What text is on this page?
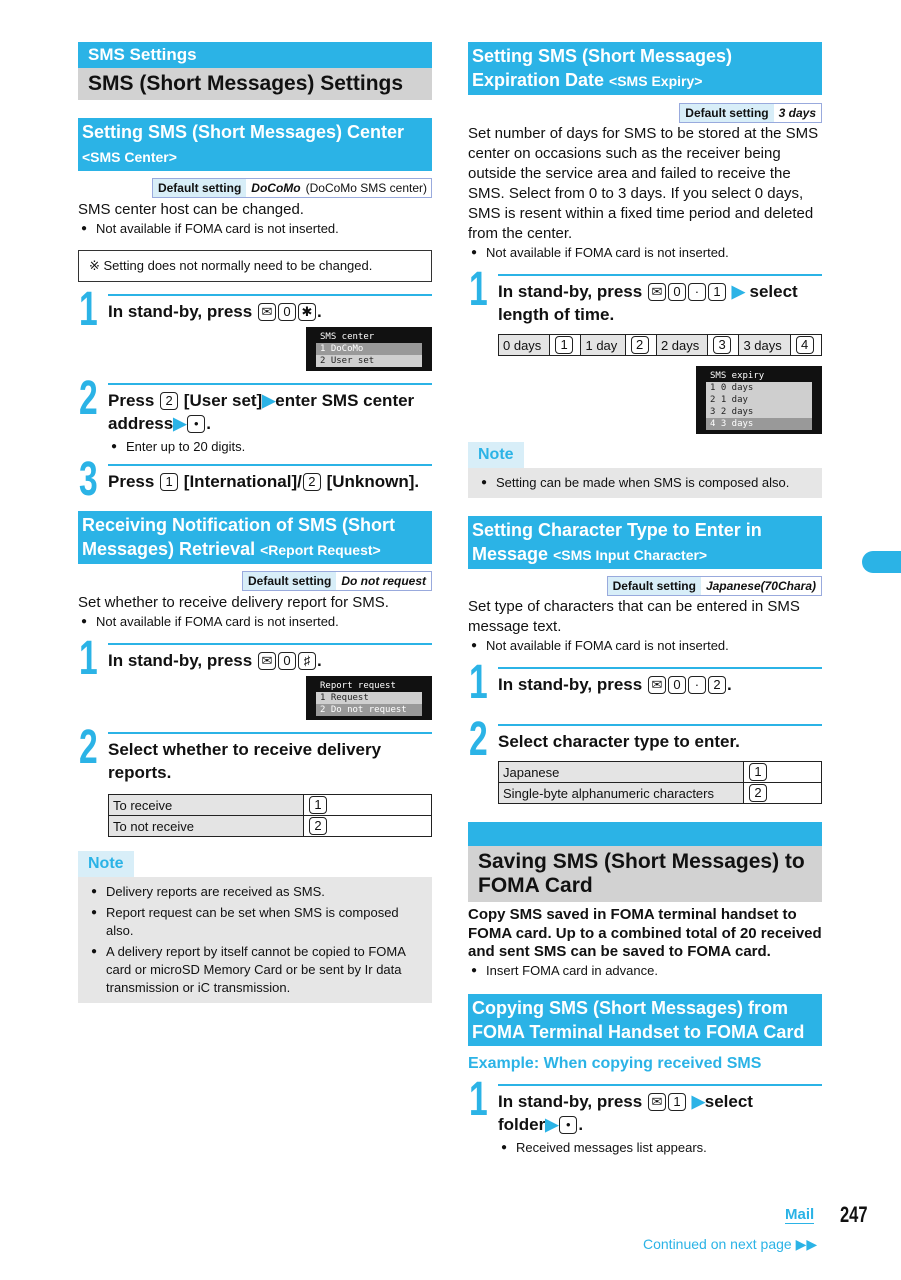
SMS Settings
SMS (Short Messages) Settings
Setting SMS (Short Messages) Center
<SMS Center>
Default setting DoCoMo (DoCoMo SMS center)
SMS center host can be changed.
● Not available if FOMA card is not inserted.
※ Setting does not normally need to be changed.
1 In stand-by, press ✉ 0 ✱ .
SMS center
1 DoCoMo
2 User set
2 Press 2 [User set]▶enter SMS center address▶ • .
● Enter up to 20 digits.
3 Press 1 [International]/ 2 [Unknown].
Receiving Notification of SMS (Short Messages) Retrieval <Report Request>
Default setting Do not request
Set whether to receive delivery report for SMS.
● Not available if FOMA card is not inserted.
1 In stand-by, press ✉ 0 ♯ .
Report request
1 Request
2 Do not request
2 Select whether to receive delivery reports.
To receive	1
To not receive	2
Note
● Delivery reports are received as SMS.
● Report request can be set when SMS is composed also.
● A delivery report by itself cannot be copied to FOMA card or microSD Memory Card or be sent by Ir data transmission or iC transmission.
Setting SMS (Short Messages) Expiration Date <SMS Expiry>
Default setting 3 days
Set number of days for SMS to be stored at the SMS center on occasions such as the receiver being outside the service area and failed to receive the SMS. Select from 0 to 3 days. If you select 0 days, SMS is resent within a fixed time period and deleted from the center.
● Not available if FOMA card is not inserted.
1 In stand-by, press ✉ 0 · 1 ▶ select length of time.
0 days	1	1 day	2	2 days	3	3 days	4
SMS expiry
1 0 days
2 1 day
3 2 days
4 3 days
Note
● Setting can be made when SMS is composed also.
Setting Character Type to Enter in Message <SMS Input Character>
Default setting Japanese(70Chara)
Set type of characters that can be entered in SMS message text.
● Not available if FOMA card is not inserted.
1 In stand-by, press ✉ 0 · 2 .
2 Select character type to enter.
Japanese	1
Single-byte alphanumeric characters	2
Saving SMS (Short Messages) to FOMA Card
Copy SMS saved in FOMA terminal handset to FOMA card. Up to a combined total of 20 received and sent SMS can be saved to FOMA card.
● Insert FOMA card in advance.
Copying SMS (Short Messages) from FOMA Terminal Handset to FOMA Card
Example: When copying received SMS
1 In stand-by, press ✉ 1 ▶select folder▶ • .
● Received messages list appears.
Mail 247
Continued on next page ▶▶
